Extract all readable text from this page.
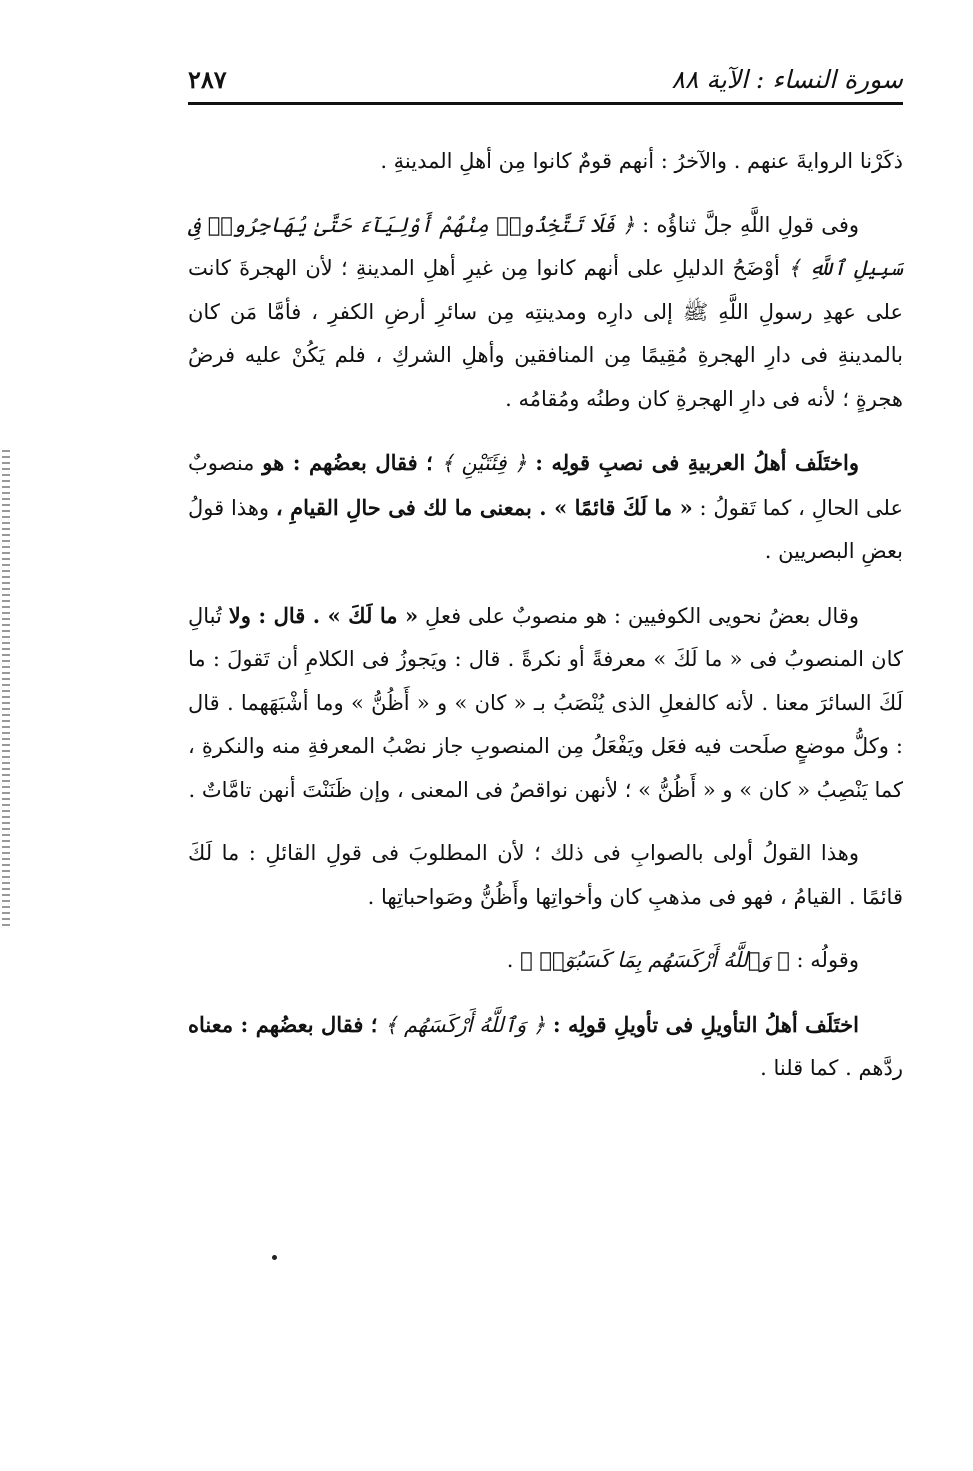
سورة النساء : الآية ٨٨
٢٨٧

ذكَرْنا الروايةَ عنهم . والآخرُ : أنهم قومٌ كانوا مِن أهلِ المدينةِ .

وفى قولِ اللَّهِ جلَّ ثناؤُه : ﴿ فَلَا تَتَّخِذُوا۟ مِنْهُمْ أَوْلِيَآءَ حَتَّىٰ يُهَاجِرُوا۟ فِى سَبِيلِ ٱللَّهِ ﴾ أوْضَحُ الدليلِ على أنهم كانوا مِن غيرِ أهلِ المدينةِ ؛ لأن الهجرةَ كانت على عهدِ رسولِ اللَّهِ ﷺ إلى دارِه ومدينتِه مِن سائرِ أرضِ الكفرِ ، فأمَّا مَن كان بالمدينةِ فى دارِ الهجرةِ مُقِيمًا مِن المنافقين وأهلِ الشركِ ، فلم يَكُنْ عليه فرضُ هجرةٍ ؛ لأنه فى دارِ الهجرةِ كان وطنُه ومُقامُه .

واختَلَف أهلُ العربيةِ فى نصبِ قولِه : ﴿ فِئَتَيْنِ ﴾ ؛ فقال بعضُهم : هو منصوبٌ على الحالِ ، كما تَقولُ : « ما لَكَ قائمًا » . بمعنى ما لك فى حالِ القيامِ ، وهذا قولُ بعضِ البصريين .

وقال بعضُ نحويى الكوفيين : هو منصوبٌ على فعلِ « ما لَكَ » . قال : ولا تُبالِ كان المنصوبُ فى « ما لَكَ » معرفةً أو نكرةً . قال : ويَجوزُ فى الكلامِ أن تَقولَ : ما لَكَ السائرَ معنا . لأنه كالفعلِ الذى يُنْصَبُ بـ « كان » و « أَظُنُّ » وما أشْبَهَهما . قال : وكلُّ موضعٍ صلَحت فيه فعَل ويَفْعَلُ مِن المنصوبِ جاز نصْبُ المعرفةِ منه والنكرةِ ، كما يَنْصِبُ « كان » و « أَظُنُّ » ؛ لأنهن نواقصُ فى المعنى ، وإن ظَنَنْتَ أنهن تامَّاتٌ .

وهذا القولُ أولى بالصوابِ فى ذلك ؛ لأن المطلوبَ فى قولِ القائلِ : ما لَكَ قائمًا . القيامُ ، فهو فى مذهبِ كان وأخواتِها وأَظُنُّ وصَواحباتِها .

وقولُه : ﴿ وَٱللَّهُ أَرْكَسَهُم بِمَا كَسَبُوٓا۟ ﴾ .

اختَلَف أهلُ التأويلِ فى تأويلِ قولِه : ﴿ وَٱللَّهُ أَرْكَسَهُم ﴾ ؛ فقال بعضُهم : معناه ردَّهم . كما قلنا .
